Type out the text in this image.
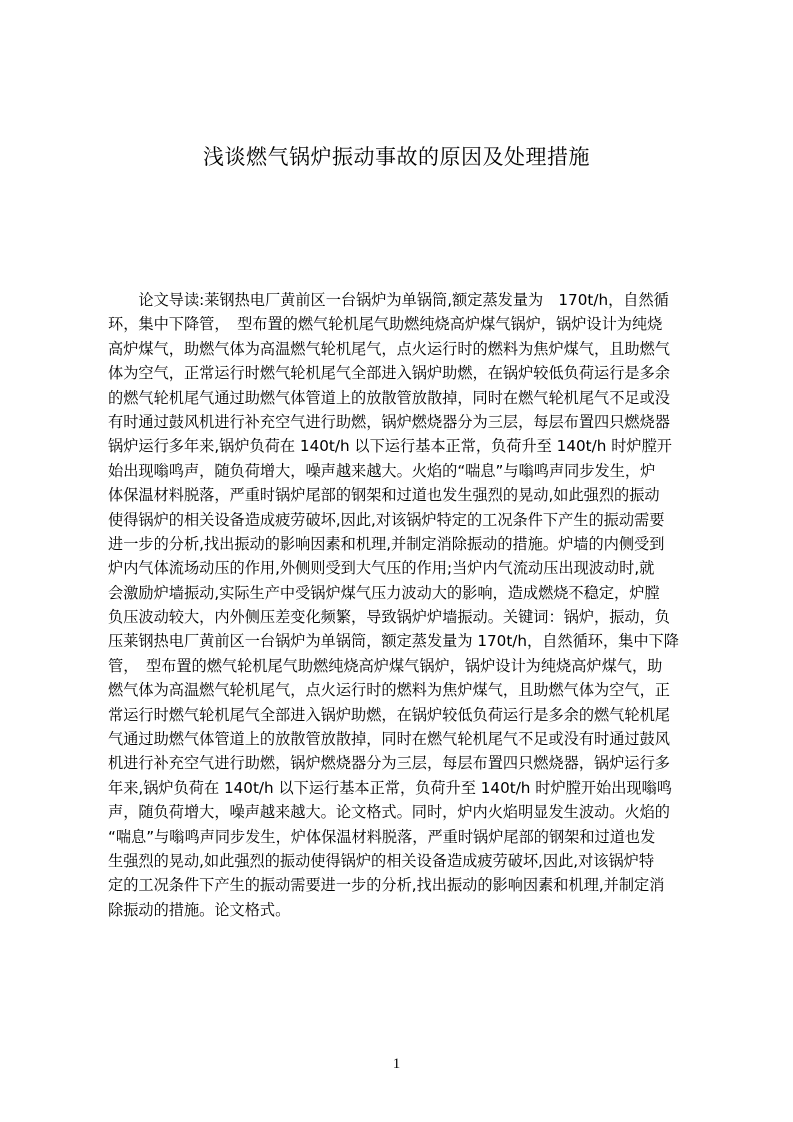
浅谈燃气锅炉振动事故的原因及处理措施
　　论文导读:莱钢热电厂黄前区一台锅炉为单锅筒,额定蒸发量为　170t/h，自然循
环，集中下降管，　型布置的燃气轮机尾气助燃纯烧高炉煤气锅炉，锅炉设计为纯烧
高炉煤气，助燃气体为高温燃气轮机尾气，点火运行时的燃料为焦炉煤气，且助燃气
体为空气，正常运行时燃气轮机尾气全部进入锅炉助燃，在锅炉较低负荷运行是多余
的燃气轮机尾气通过助燃气体管道上的放散管放散掉，同时在燃气轮机尾气不足或没
有时通过鼓风机进行补充空气进行助燃，锅炉燃烧器分为三层，每层布置四只燃烧器
锅炉运行多年来,锅炉负荷在 140t/h 以下运行基本正常，负荷升至 140t/h 时炉膛开
始出现嗡鸣声，随负荷增大，噪声越来越大。火焰的“喘息”与嗡鸣声同步发生，炉
体保温材料脱落，严重时锅炉尾部的钢架和过道也发生强烈的晃动,如此强烈的振动
使得锅炉的相关设备造成疲劳破坏,因此,对该锅炉特定的工况条件下产生的振动需要
进一步的分析,找出振动的影响因素和机理,并制定消除振动的措施。炉墙的内侧受到
炉内气体流场动压的作用,外侧则受到大气压的作用;当炉内气流动压出现波动时,就
会激励炉墙振动,实际生产中受锅炉煤气压力波动大的影响，造成燃烧不稳定，炉膛
负压波动较大，内外侧压差变化频繁，导致锅炉炉墙振动。关键词：锅炉，振动，负
压莱钢热电厂黄前区一台锅炉为单锅筒，额定蒸发量为 170t/h，自然循环，集中下降
管，　型布置的燃气轮机尾气助燃纯烧高炉煤气锅炉，锅炉设计为纯烧高炉煤气，助
燃气体为高温燃气轮机尾气，点火运行时的燃料为焦炉煤气，且助燃气体为空气，正
常运行时燃气轮机尾气全部进入锅炉助燃，在锅炉较低负荷运行是多余的燃气轮机尾
气通过助燃气体管道上的放散管放散掉，同时在燃气轮机尾气不足或没有时通过鼓风
机进行补充空气进行助燃，锅炉燃烧器分为三层，每层布置四只燃烧器，锅炉运行多
年来,锅炉负荷在 140t/h 以下运行基本正常，负荷升至 140t/h 时炉膛开始出现嗡鸣
声，随负荷增大，噪声越来越大。论文格式。同时，炉内火焰明显发生波动。火焰的
“喘息”与嗡鸣声同步发生，炉体保温材料脱落，严重时锅炉尾部的钢架和过道也发
生强烈的晃动,如此强烈的振动使得锅炉的相关设备造成疲劳破坏,因此,对该锅炉特
定的工况条件下产生的振动需要进一步的分析,找出振动的影响因素和机理,并制定消
除振动的措施。论文格式。
1
